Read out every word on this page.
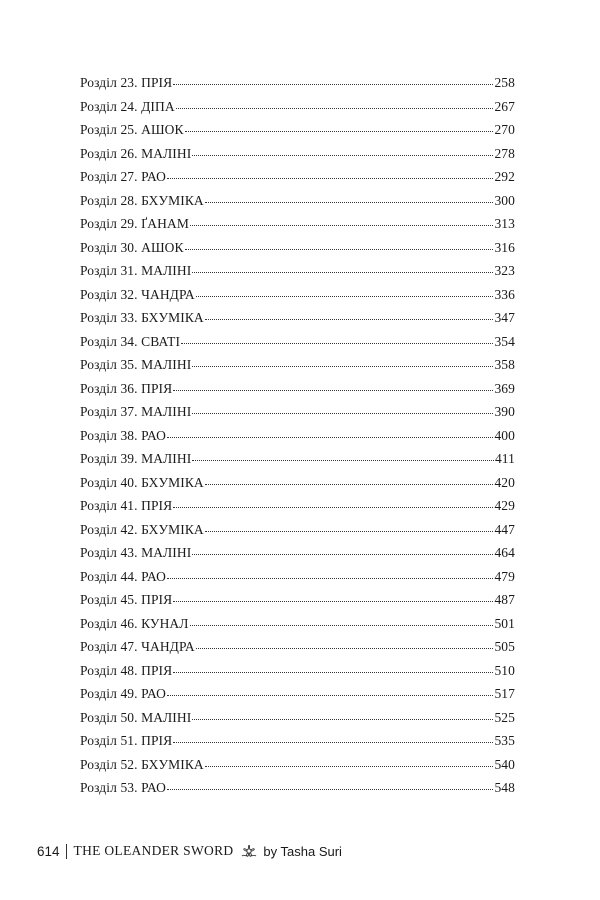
Розділ 23. ПРІЯ	258
Розділ 24. ДІПА	267
Розділ 25. АШОК	270
Розділ 26. МАЛІНІ	278
Розділ 27. РАО	292
Розділ 28. БХУМІКА	300
Розділ 29. ҐАНАМ	313
Розділ 30. АШОК	316
Розділ 31. МАЛІНІ	323
Розділ 32. ЧАНДРА	336
Розділ 33. БХУМІКА	347
Розділ 34. СВАТІ	354
Розділ 35. МАЛІНІ	358
Розділ 36. ПРІЯ	369
Розділ 37. МАЛІНІ	390
Розділ 38. РАО	400
Розділ 39. МАЛІНІ	411
Розділ 40. БХУМІКА	420
Розділ 41. ПРІЯ	429
Розділ 42. БХУМІКА	447
Розділ 43. МАЛІНІ	464
Розділ 44. РАО	479
Розділ 45. ПРІЯ	487
Розділ 46. КУНАЛ	501
Розділ 47. ЧАНДРА	505
Розділ 48. ПРІЯ	510
Розділ 49. РАО	517
Розділ 50. МАЛІНІ	525
Розділ 51. ПРІЯ	535
Розділ 52. БХУМІКА	540
Розділ 53. РАО	548
614 THE OLEANDER SWORD by Tasha Suri
